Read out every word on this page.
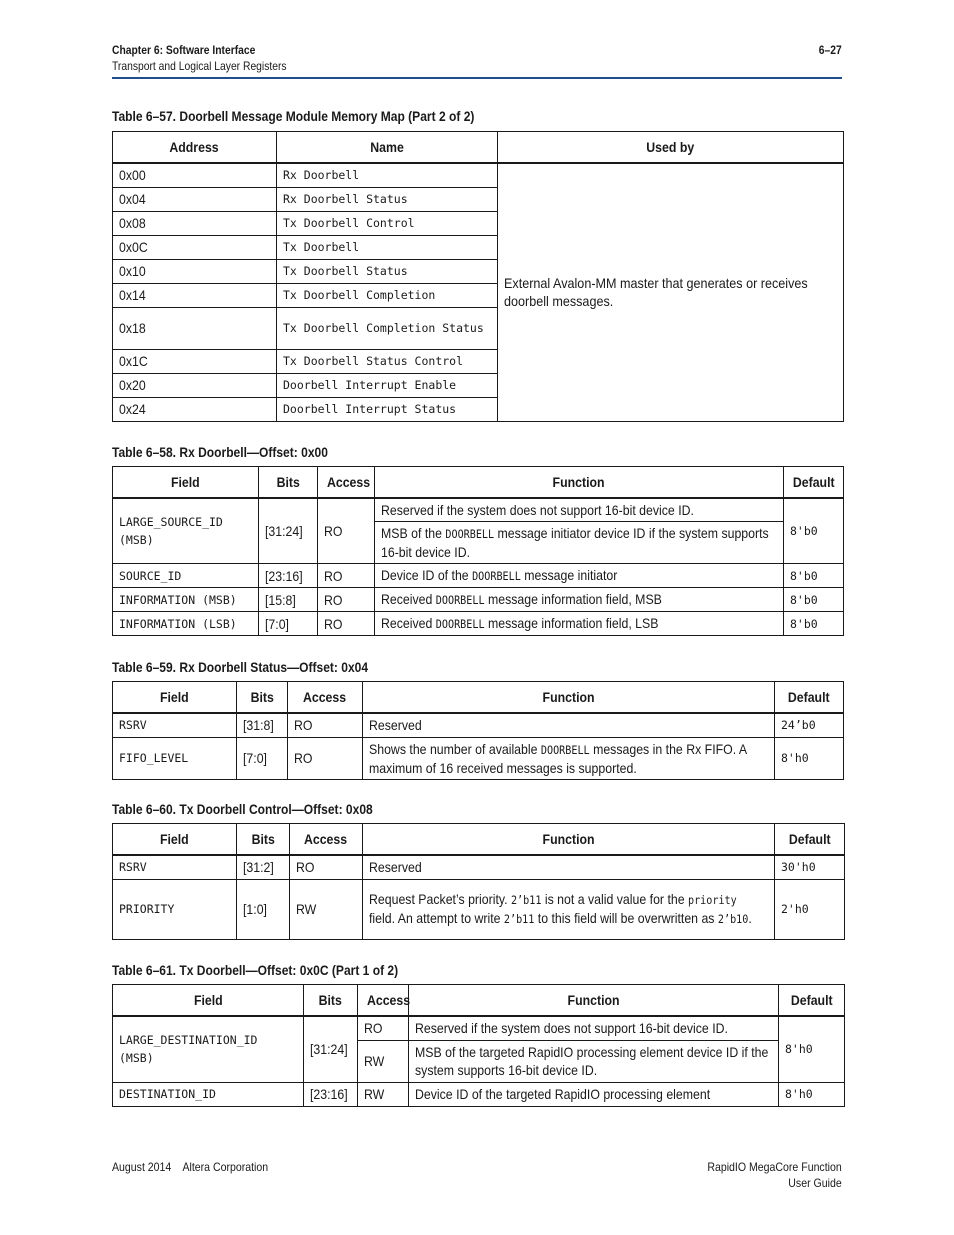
Chapter 6: Software Interface
Transport and Logical Layer Registers
6–27
Table 6–57. Doorbell Message Module Memory Map (Part 2 of 2)
Address	Name	Used by
0x00	Rx Doorbell	External Avalon-MM master that generates or receives doorbell messages.

0x04	Rx Doorbell Status	
0x08	Tx Doorbell Control	
0x0C	Tx Doorbell	
0x10	Tx Doorbell Status	
0x14	Tx Doorbell Completion	
0x18	Tx Doorbell Completion Status	
0x1C	Tx Doorbell Status Control	
0x20	Doorbell Interrupt Enable	
0x24	Doorbell Interrupt Status	
Table 6–58. Rx Doorbell—Offset: 0x00
Field	Bits	Access	Function	Default
LARGE_SOURCE_ID (MSB)	[31:24]	RO	Reserved if the system does not support 16-bit device ID.	8'b0

			MSB of the DOORBELL message initiator device ID if the system supports 16-bit device ID.	

SOURCE_ID	[23:16]	RO	Device ID of the DOORBELL message initiator	8'b0
INFORMATION (MSB)	[15:8]	RO	Received DOORBELL message information field, MSB	8'b0
INFORMATION (LSB)	[7:0]	RO	Received DOORBELL message information field, LSB	8'b0
Table 6–59. Rx Doorbell Status—Offset: 0x04
Field	Bits	Access	Function	Default
RSRV	[31:8]	RO	Reserved	24’b0
FIFO_LEVEL	[7:0]	RO	Shows the number of available DOORBELL messages in the Rx FIFO. A maximum of 16 received messages is supported.	8'h0
Table 6–60. Tx Doorbell Control—Offset: 0x08
Field	Bits	Access	Function	Default
RSRV	[31:2]	RO	Reserved	30'h0
PRIORITY	[1:0]	RW	Request Packet’s priority. 2’b11 is not a valid value for the priority field. An attempt to write 2’b11 to this field will be overwritten as 2’b10.	2'h0
Table 6–61. Tx Doorbell—Offset: 0x0C (Part 1 of 2)
Field	Bits	Access	Function	Default
LARGE_DESTINATION_ID (MSB)	[31:24]	RO	Reserved if the system does not support 16-bit device ID.	8'h0
		RW	MSB of the targeted RapidIO processing element device ID if the system supports 16-bit device ID.	

DESTINATION_ID	[23:16]	RW	Device ID of the targeted RapidIO processing element	8'h0
August 2014    Altera Corporation	RapidIO MegaCore Function
User Guide
